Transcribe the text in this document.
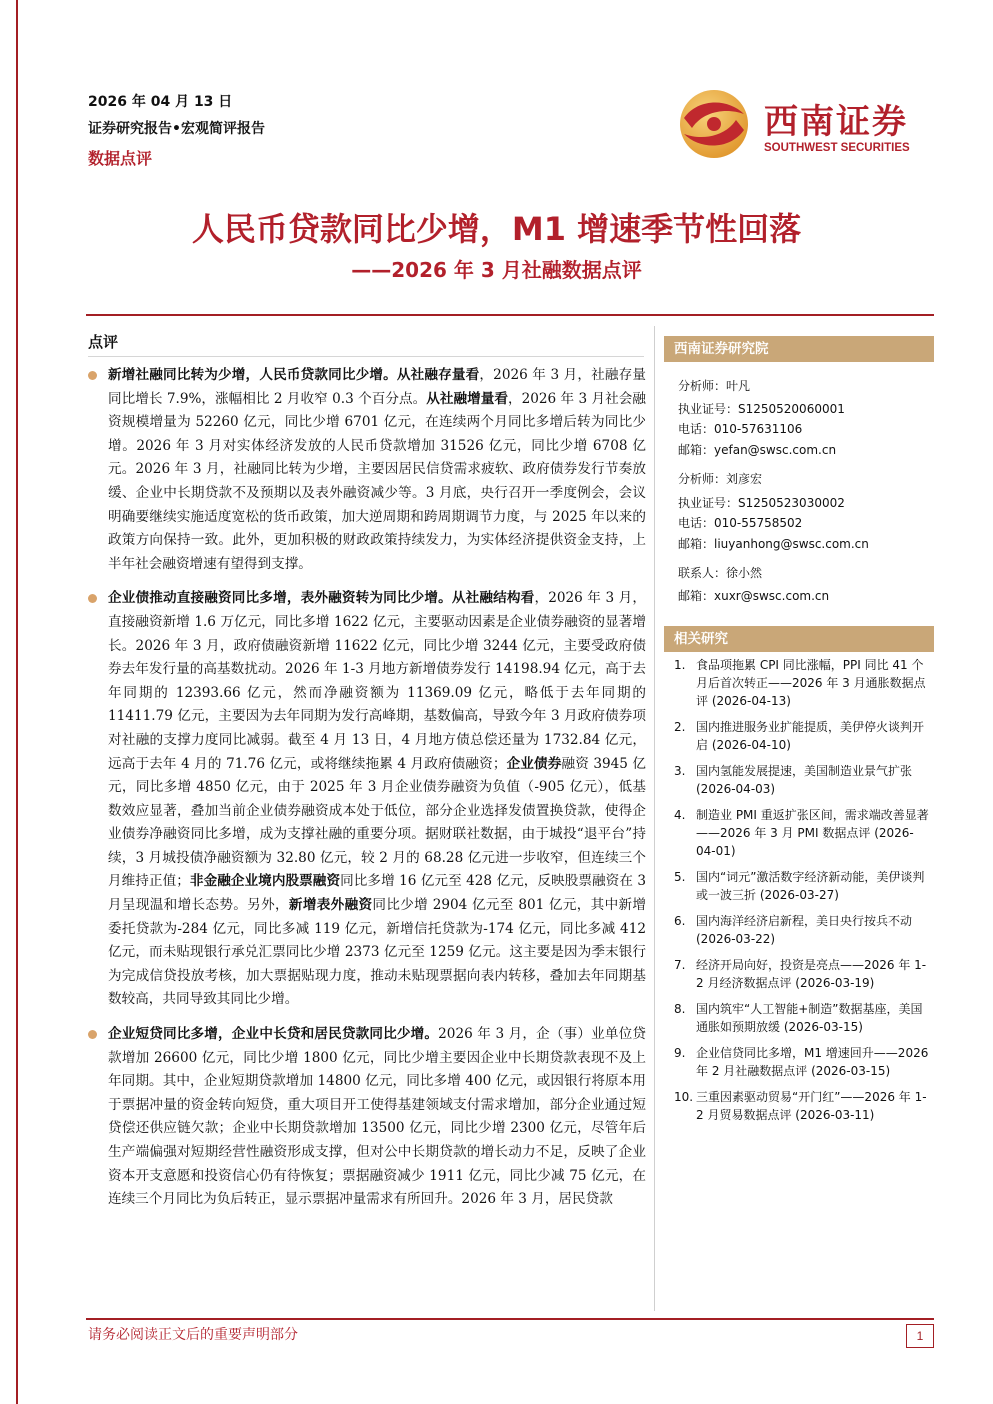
2026 年 04 月 13 日
证券研究报告•宏观简评报告
数据点评
西南证券
SOUTHWEST SECURITIES
人民币贷款同比少增，M1 增速季节性回落
——2026 年 3 月社融数据点评
点评
新增社融同比转为少增，人民币贷款同比少增。从社融存量看，2026 年 3 月，社融存量同比增长 7.9%，涨幅相比 2 月收窄 0.3 个百分点。从社融增量看，2026 年 3 月社会融资规模增量为 52260 亿元，同比少增 6701 亿元，在连续两个月同比多增后转为同比少增。2026 年 3 月对实体经济发放的人民币贷款增加 31526 亿元，同比少增 6708 亿元。2026 年 3 月，社融同比转为少增，主要因居民信贷需求疲软、政府债券发行节奏放缓、企业中长期贷款不及预期以及表外融资减少等。3 月底，央行召开一季度例会，会议明确要继续实施适度宽松的货币政策，加大逆周期和跨周期调节力度，与 2025 年以来的政策方向保持一致。此外，更加积极的财政政策持续发力，为实体经济提供资金支持，上半年社会融资增速有望得到支撑。
企业债推动直接融资同比多增，表外融资转为同比少增。从社融结构看，2026 年 3 月，直接融资新增 1.6 万亿元，同比多增 1622 亿元，主要驱动因素是企业债券融资的显著增长。2026 年 3 月，政府债融资新增 11622 亿元，同比少增 3244 亿元，主要受政府债券去年发行量的高基数扰动。2026 年 1-3 月地方新增债券发行 14198.94 亿元，高于去年同期的 12393.66 亿元，然而净融资额为 11369.09 亿元，略低于去年同期的 11411.79 亿元，主要因为去年同期为发行高峰期，基数偏高，导致今年 3 月政府债券项对社融的支撑力度同比减弱。截至 4 月 13 日，4 月地方债总偿还量为 1732.84 亿元，远高于去年 4 月的 71.76 亿元，或将继续拖累 4 月政府债融资；企业债券融资 3945 亿元，同比多增 4850 亿元，由于 2025 年 3 月企业债券融资为负值（-905 亿元），低基数效应显著，叠加当前企业债券融资成本处于低位，部分企业选择发债置换贷款，使得企业债券净融资同比多增，成为支撑社融的重要分项。据财联社数据，由于城投“退平台”持续，3 月城投债净融资额为 32.80 亿元，较 2 月的 68.28 亿元进一步收窄，但连续三个月维持正值；非金融企业境内股票融资同比多增 16 亿元至 428 亿元，反映股票融资在 3 月呈现温和增长态势。另外，新增表外融资同比少增 2904 亿元至 801 亿元，其中新增委托贷款为-284 亿元，同比多减 119 亿元，新增信托贷款为-174 亿元，同比多减 412 亿元，而未贴现银行承兑汇票同比少增 2373 亿元至 1259 亿元。这主要是因为季末银行为完成信贷投放考核，加大票据贴现力度，推动未贴现票据向表内转移，叠加去年同期基数较高，共同导致其同比少增。
企业短贷同比多增，企业中长贷和居民贷款同比少增。2026 年 3 月，企（事）业单位贷款增加 26600 亿元，同比少增 1800 亿元，同比少增主要因企业中长期贷款表现不及上年同期。其中，企业短期贷款增加 14800 亿元，同比多增 400 亿元，或因银行将原本用于票据冲量的资金转向短贷，重大项目开工使得基建领域支付需求增加，部分企业通过短贷偿还供应链欠款；企业中长期贷款增加 13500 亿元，同比少增 2300 亿元，尽管年后生产端偏强对短期经营性融资形成支撑，但对公中长期贷款的增长动力不足，反映了企业资本开支意愿和投资信心仍有待恢复；票据融资减少 1911 亿元，同比少减 75 亿元，在连续三个月同比为负后转正，显示票据冲量需求有所回升。2026 年 3 月，居民贷款
西南证券研究院
分析师：叶凡
执业证号：S1250520060001
电话：010-57631106
邮箱：yefan@swsc.com.cn
分析师：刘彦宏
执业证号：S1250523030002
电话：010-55758502
邮箱：liuyanhong@swsc.com.cn
联系人：徐小然
邮箱：xuxr@swsc.com.cn
相关研究
1. 食品项拖累 CPI 同比涨幅，PPI 同比 41 个月后首次转正——2026 年 3 月通胀数据点评 (2026-04-13)
2. 国内推进服务业扩能提质，美伊停火谈判开启 (2026-04-10)
3. 国内氢能发展提速，美国制造业景气扩张 (2026-04-03)
4. 制造业 PMI 重返扩张区间，需求端改善显著——2026 年 3 月 PMI 数据点评 (2026-04-01)
5. 国内“词元”激活数字经济新动能，美伊谈判或一波三折 (2026-03-27)
6. 国内海洋经济启新程，美日央行按兵不动 (2026-03-22)
7. 经济开局向好，投资是亮点——2026 年 1-2 月经济数据点评 (2026-03-19)
8. 国内筑牢“人工智能+制造”数据基座，美国通胀如预期放缓 (2026-03-15)
9. 企业信贷同比多增，M1 增速回升——2026 年 2 月社融数据点评 (2026-03-15)
10. 三重因素驱动贸易“开门红”——2026 年 1-2 月贸易数据点评 (2026-03-11)
请务必阅读正文后的重要声明部分	1
